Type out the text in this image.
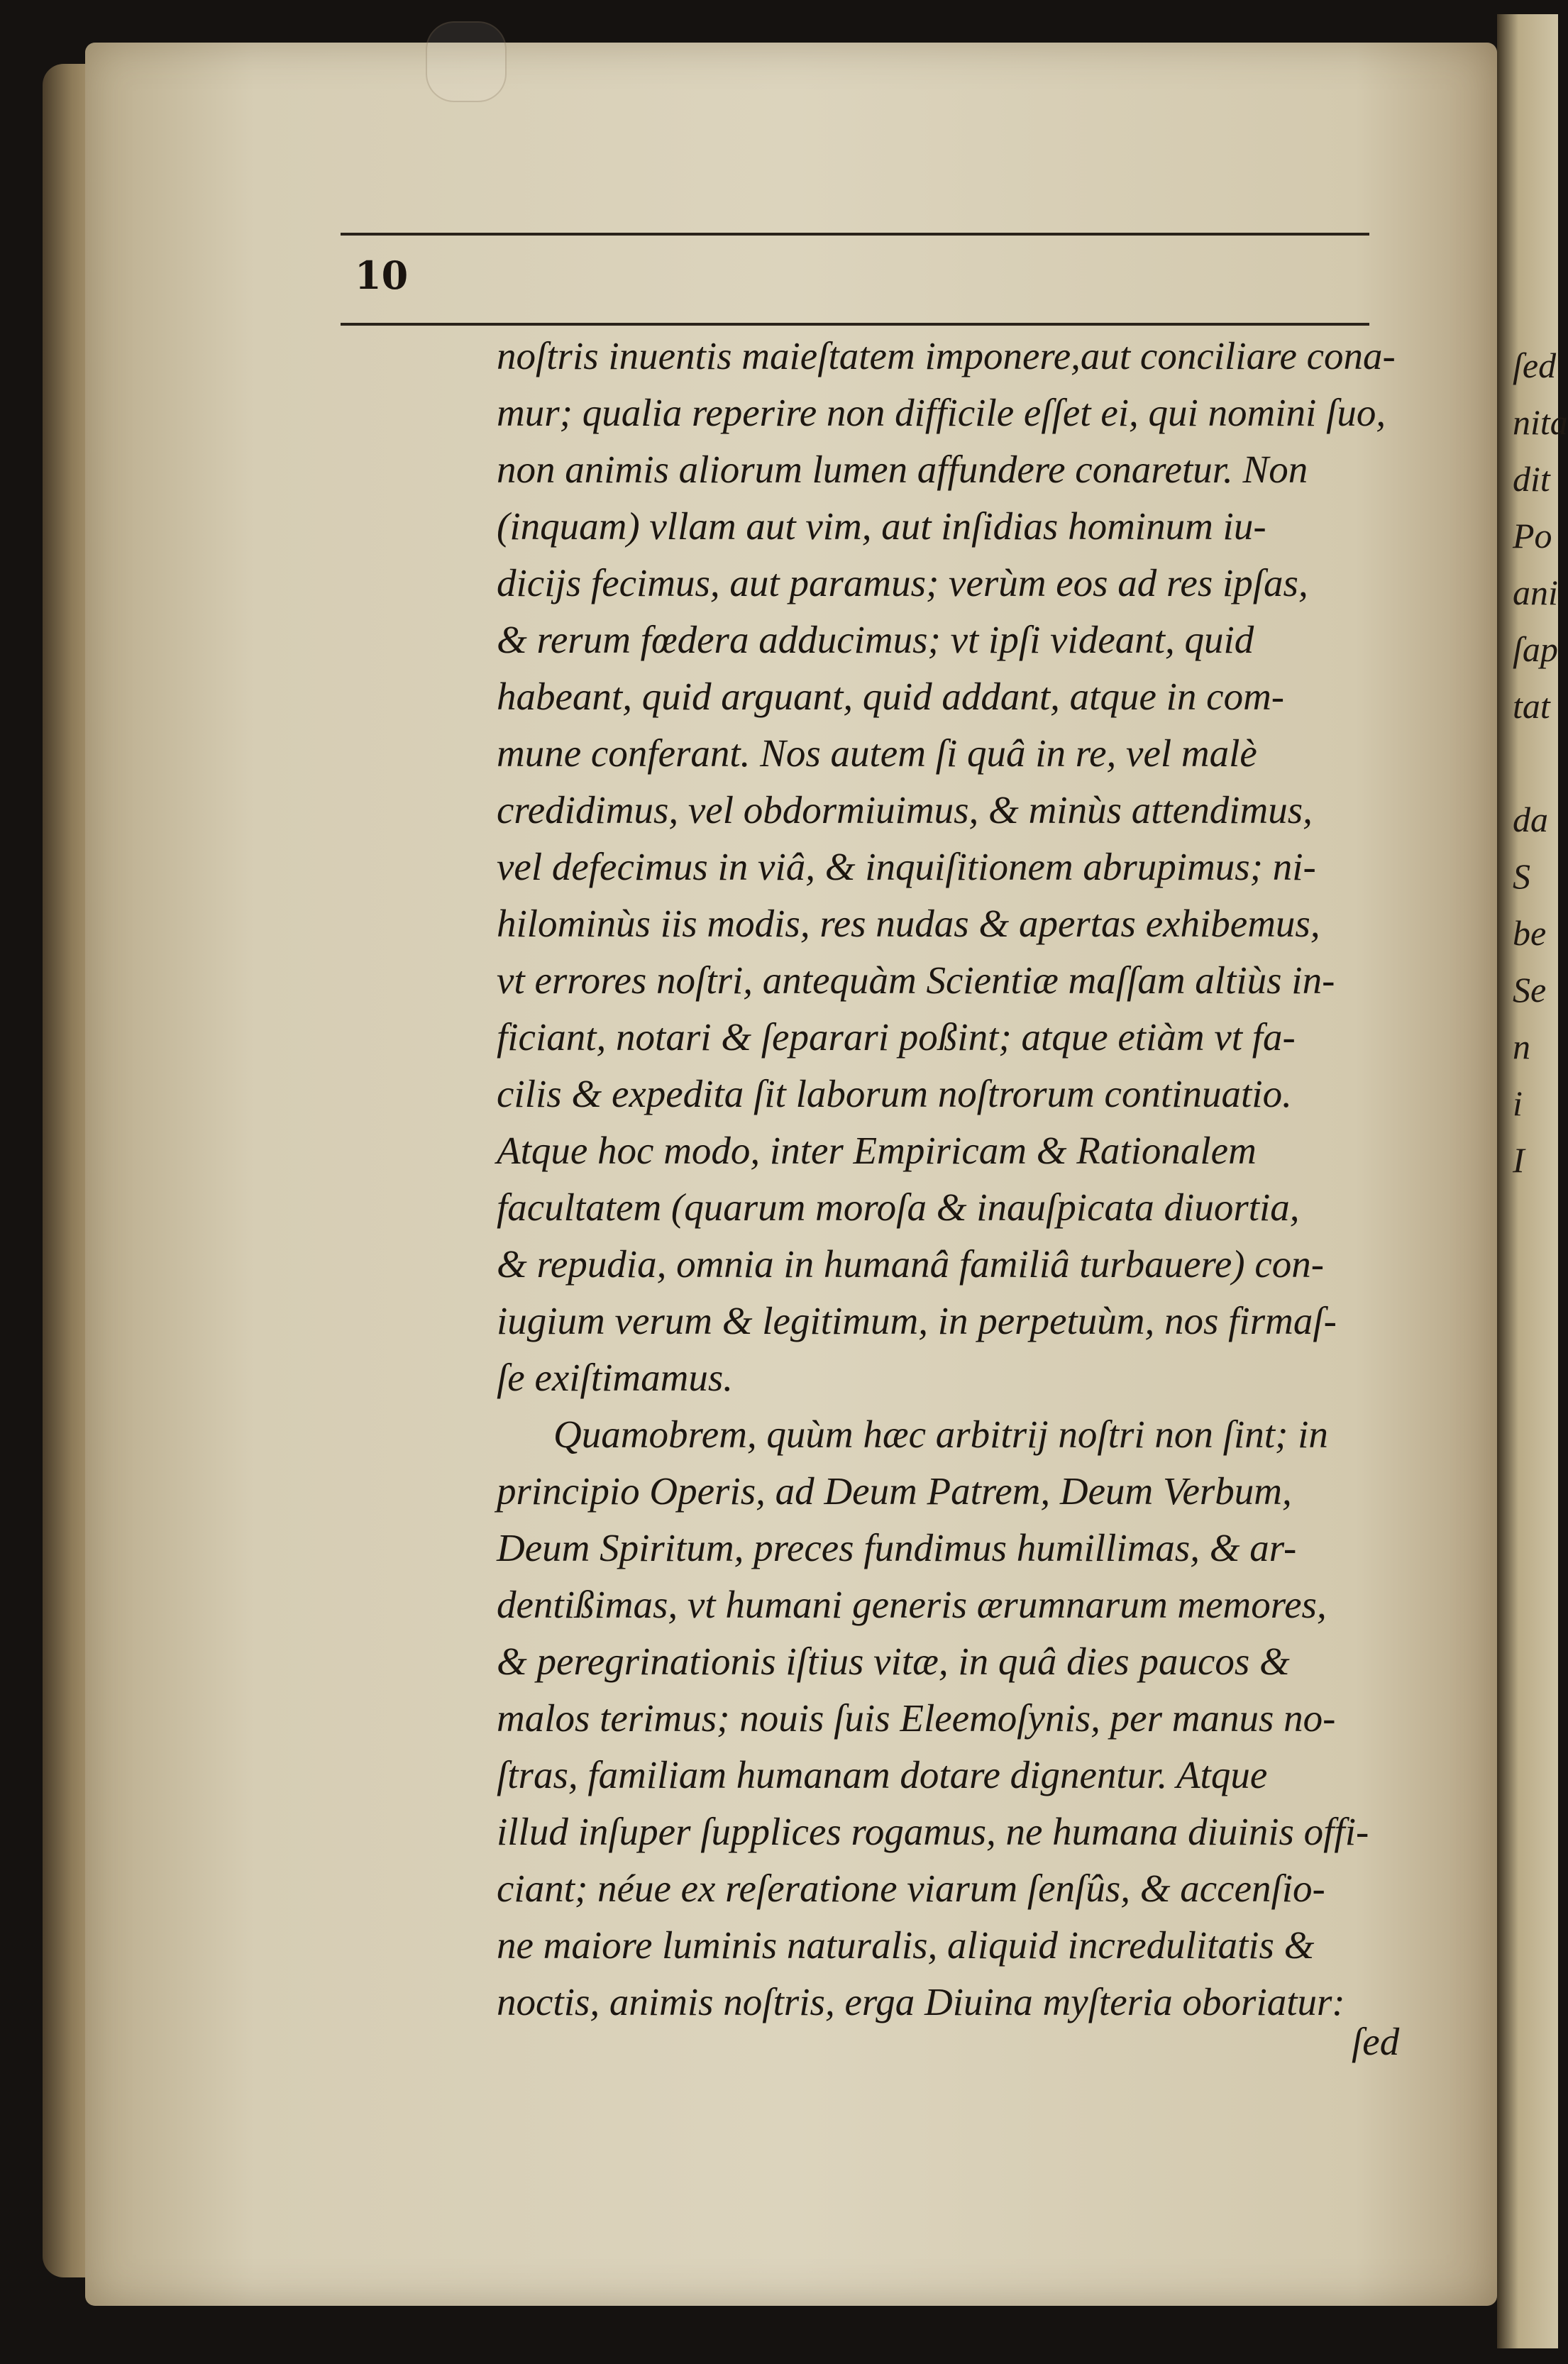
ſed
nita
dit
Po
ani
ſap
tat
da
S
be
Se
n
i
I
10
noſtris inuentis maieſtatem imponere,aut conciliare cona-
mur; qualia reperire non difficile eſſet ei, qui nomini ſuo,
non animis aliorum lumen affundere conaretur. Non
(inquam) vllam aut vim, aut inſidias hominum iu-
dicijs fecimus, aut paramus; verùm eos ad res ipſas,
& rerum fœdera adducimus; vt ipſi videant, quid
habeant, quid arguant, quid addant, atque in com-
mune conferant. Nos autem ſi quâ in re, vel malè
credidimus, vel obdormiuimus, & minùs attendimus,
vel defecimus in viâ, & inquiſitionem abrupimus; ni-
hilominùs iis modis, res nudas & apertas exhibemus,
vt errores noſtri, antequàm Scientiæ maſſam altiùs in-
ficiant, notari & ſeparari poßint; atque etiàm vt fa-
cilis & expedita ſit laborum noſtrorum continuatio.
Atque hoc modo, inter Empiricam & Rationalem
facultatem (quarum moroſa & inauſpicata diuortia,
& repudia, omnia in humanâ familiâ turbauere) con-
iugium verum & legitimum, in perpetuùm, nos firmaſ-
ſe exiſtimamus.
Quamobrem, quùm hæc arbitrij noſtri non ſint; in
principio Operis, ad Deum Patrem, Deum Verbum,
Deum Spiritum, preces fundimus humillimas, & ar-
dentißimas, vt humani generis ærumnarum memores,
& peregrinationis iſtius vitæ, in quâ dies paucos &
malos terimus; nouis ſuis Eleemoſynis, per manus no-
ſtras, familiam humanam dotare dignentur. Atque
illud inſuper ſupplices rogamus, ne humana diuinis offi-
ciant; néue ex reſeratione viarum ſenſûs, & accenſio-
ne maiore luminis naturalis, aliquid incredulitatis &
noctis, animis noſtris, erga Diuina myſteria oboriatur:
ſed
